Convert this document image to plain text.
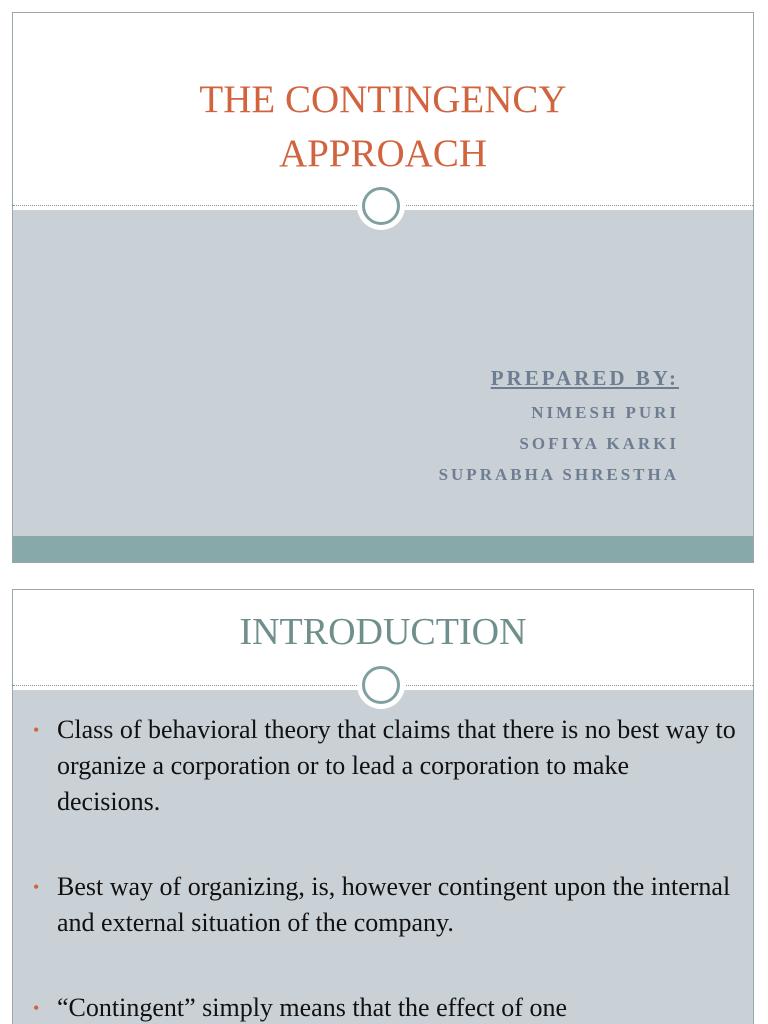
THE CONTINGENCY
APPROACH
PREPARED BY:
NIMESH PURI
SOFIYA KARKI
SUPRABHA SHRESTHA
INTRODUCTION
• Class of behavioral theory that claims that there is no best way to organize a corporation or to lead a corporation to make decisions.
• Best way of organizing, is, however contingent upon the internal and external situation of the company.
• “Contingent” simply means that the effect of one
